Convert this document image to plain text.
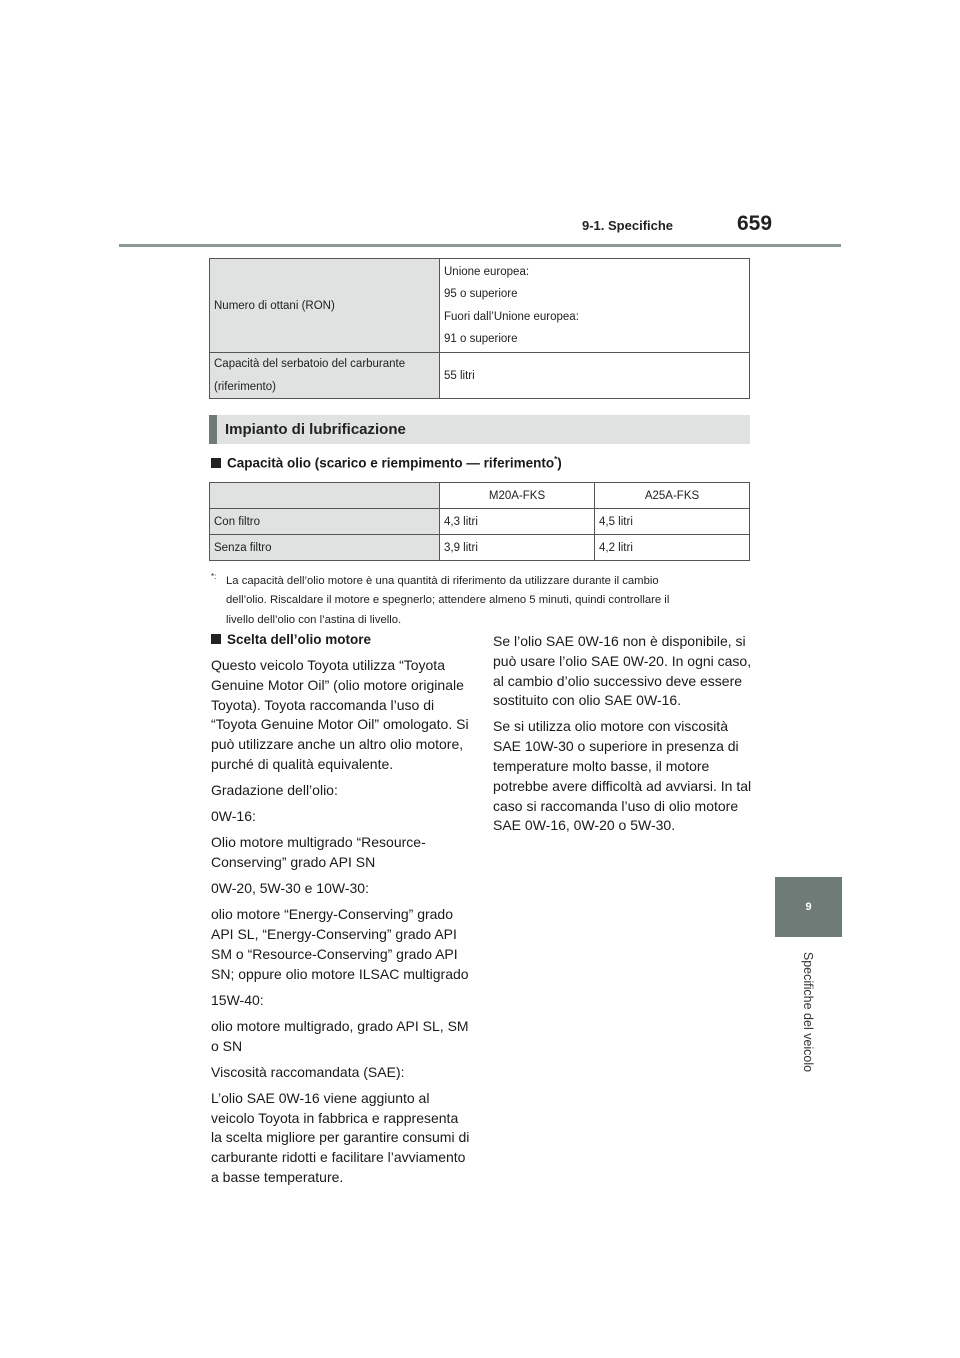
9-1. Specifiche	659
9
Specifiche del veicolo
Numero di ottani (RON)	Unione europea:

95 o superiore

Fuori dall’Unione europea:

91 o superiore

Capacità del serbatoio del carburante

(riferimento)	55 litri
Impianto di lubrificazione
Capacità olio (scarico e riempimento — riferimento*)
	M20A-FKS	A25A-FKS
Con filtro	4,3 litri	4,5 litri
Senza filtro	3,9 litri	4,2 litri
*: La capacità dell’olio motore è una quantità di riferimento da utilizzare durante il cambio
dell’olio. Riscaldare il motore e spegnerlo; attendere almeno 5 minuti, quindi controllare il
livello dell’olio con l’astina di livello.
Scelta dell’olio motore

Questo veicolo Toyota utilizza “Toyota Genuine Motor Oil” (olio motore originale Toyota). Toyota raccomanda l’uso di “Toyota Genuine Motor Oil” omologato. Si può utilizzare anche un altro olio motore, purché di qualità equivalente.

Gradazione dell’olio:

0W-16:

Olio motore multigrado “Resource-Conserving” grado API SN

0W-20, 5W-30 e 10W-30:

olio motore “Energy-Conserving” grado API SL, “Energy-Conserving” grado API SM o “Resource-Conserving” grado API SN; oppure olio motore ILSAC multigrado

15W-40:

olio motore multigrado, grado API SL, SM o SN

Viscosità raccomandata (SAE):

L’olio SAE 0W-16 viene aggiunto al veicolo Toyota in fabbrica e rappresenta la scelta migliore per garantire consumi di carburante ridotti e facilitare l’avviamento a basse temperature.

Se l’olio SAE 0W-16 non è disponibile, si può usare l’olio SAE 0W-20. In ogni caso, al cambio d’olio successivo deve essere sostituito con olio SAE 0W-16.

Se si utilizza olio motore con viscosità SAE 10W-30 o superiore in presenza di temperature molto basse, il motore potrebbe avere difficoltà ad avviarsi. In tal caso si raccomanda l’uso di olio motore SAE 0W-16, 0W-20 o 5W-30.
